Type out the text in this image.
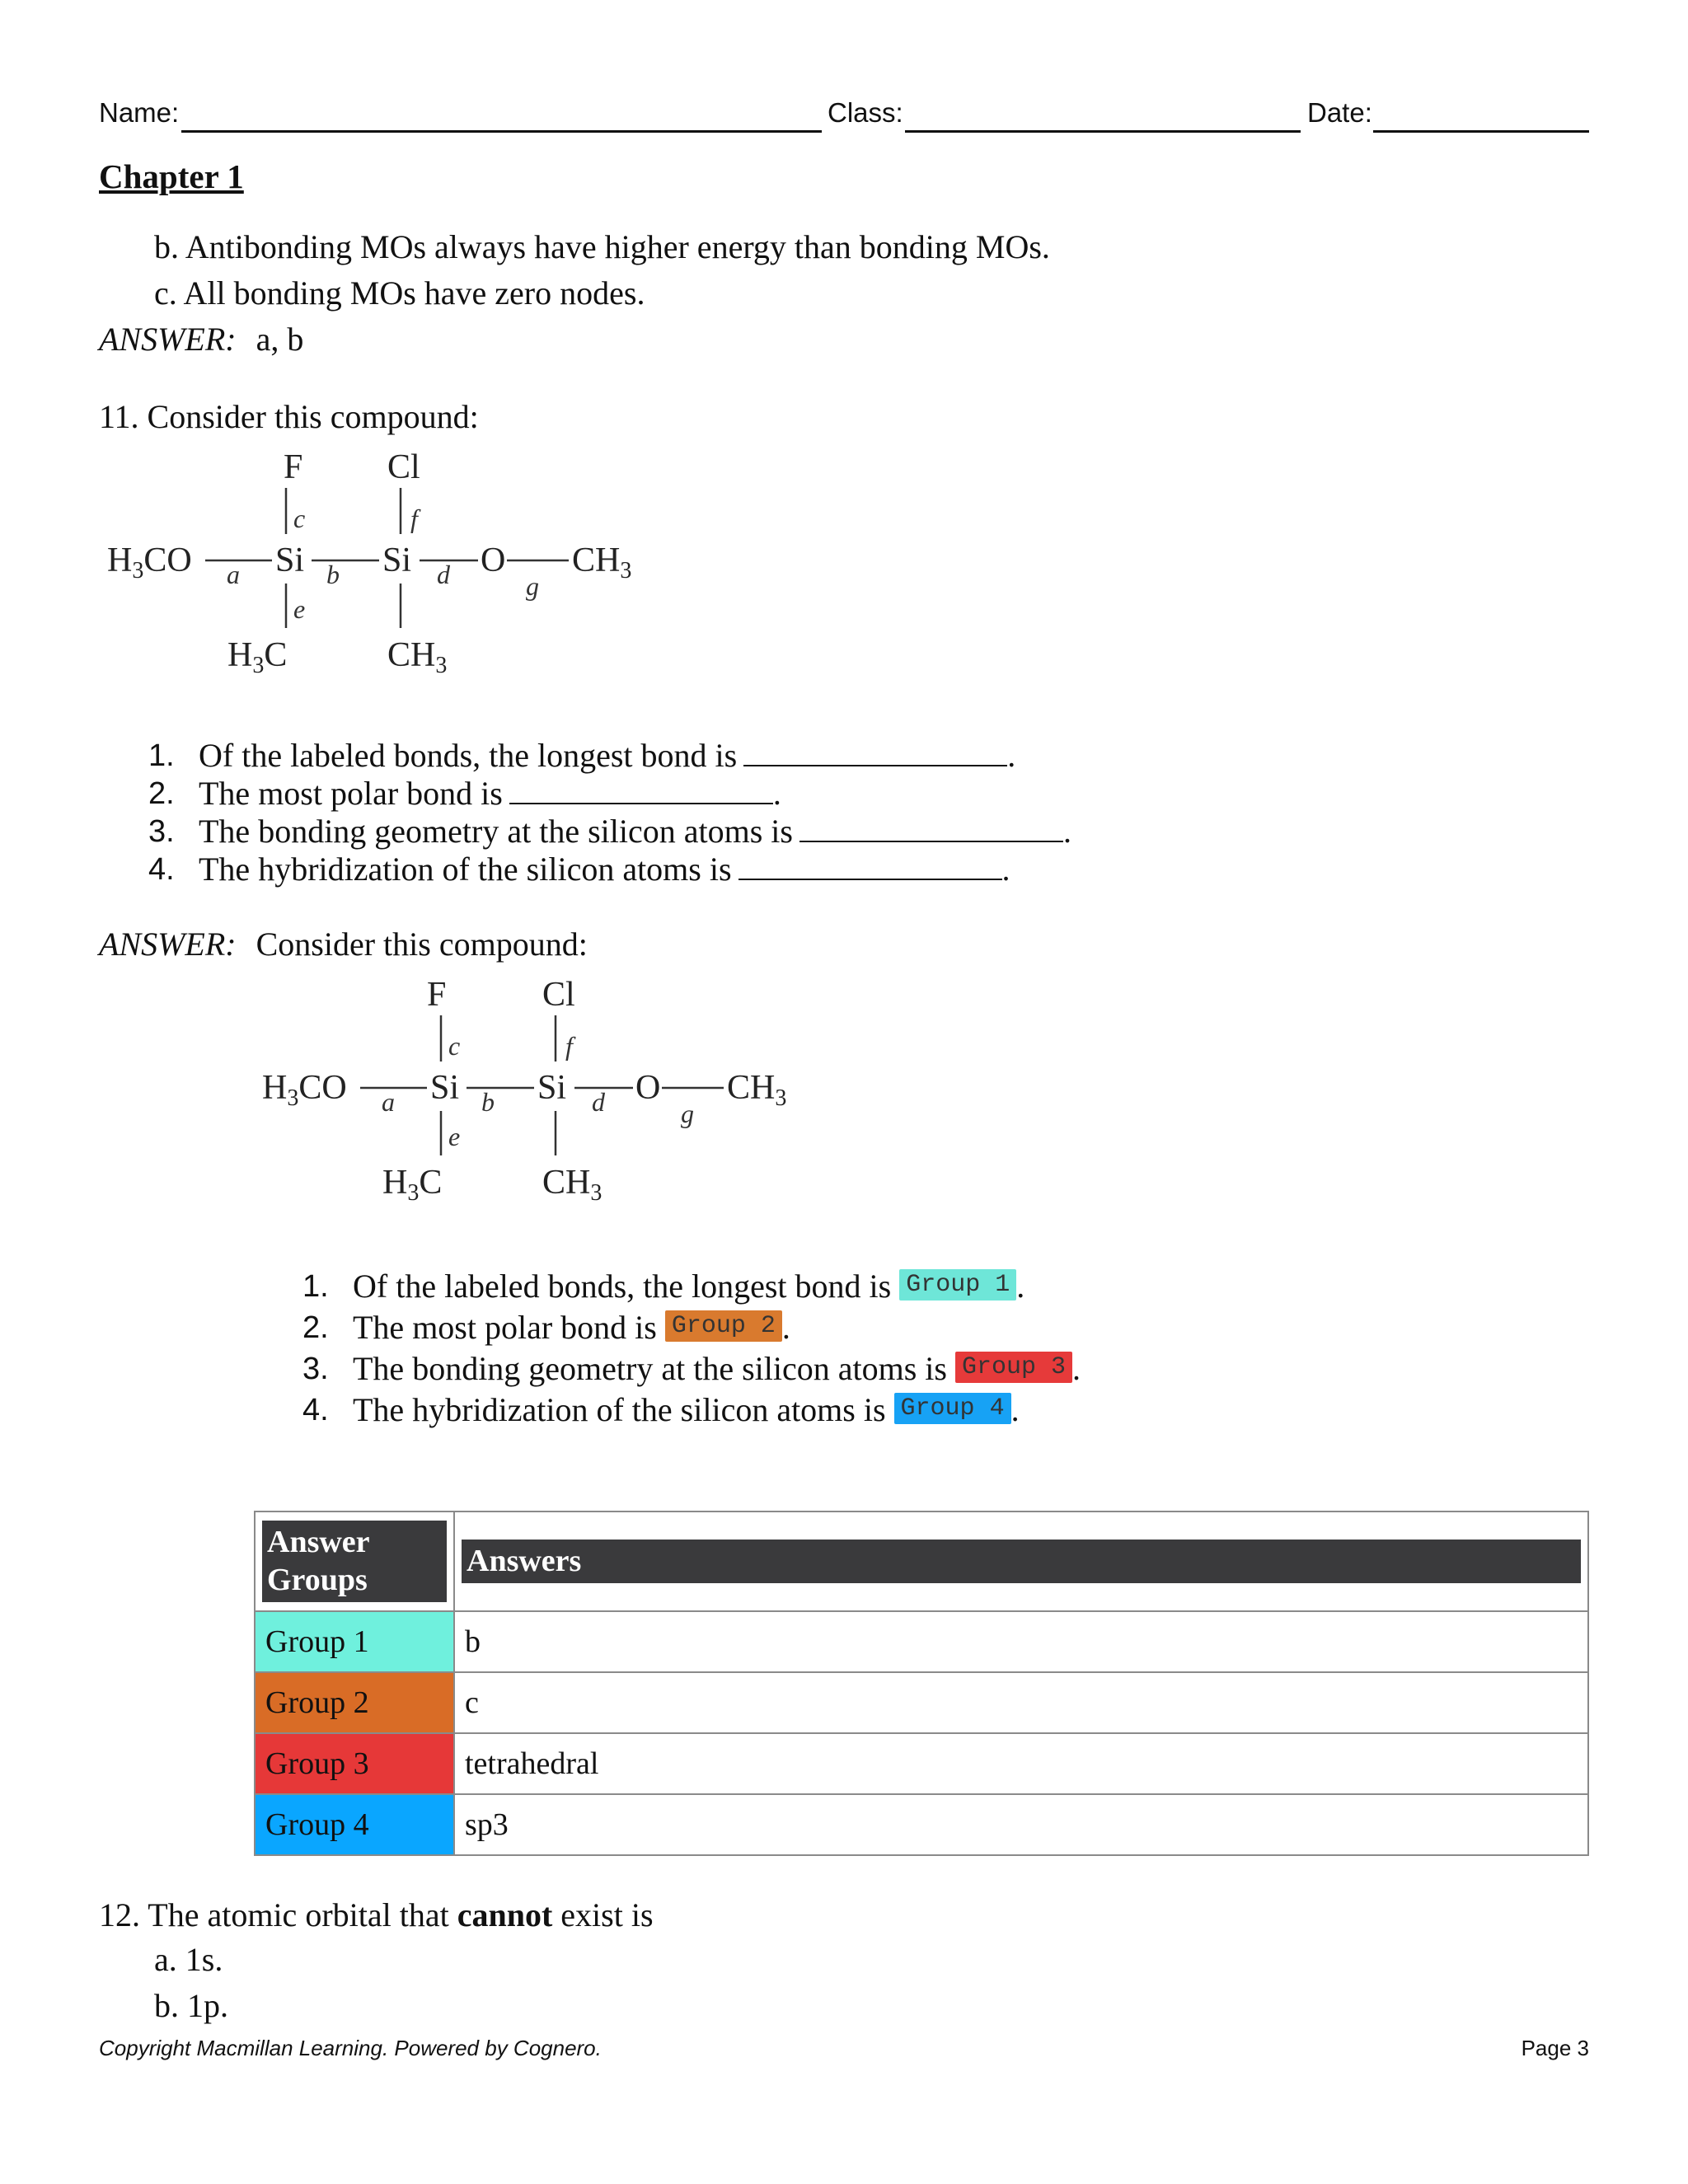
Name:	Class:	Date:
Chapter 1
b. Antibonding MOs always have higher energy than bonding MOs.
c. All bonding MOs have zero nodes.
ANSWER: a, b
11. Consider this compound:
F Cl
H3CO Si Si O CH3
H3C	CH3
a	b
c
d
e
f
g
1. Of the labeled bonds, the longest bond is	.
2. The most polar bond is	.
3. The bonding geometry at the silicon atoms is	.
4. The hybridization of the silicon atoms is	.
ANSWER: Consider this compound:
F	Cl
H3CO Si Si O CH3
H3C	CH3
a	b
c
d
e
f
g
1. Of the labeled bonds, the longest bond is Group 1 .
2. The most polar bond is Group 2 .
3. The bonding geometry at the silicon atoms is Group 3 .
4. The hybridization of the silicon atoms is Group 4 .
Answer Groups	Answers

Group 1	b

Group 2	c

Group 3	tetrahedral

Group 4	sp3
12. The atomic orbital that cannot exist is
a. 1s.
b. 1p.
Copyright Macmillan Learning. Powered by Cognero.	Page 3
